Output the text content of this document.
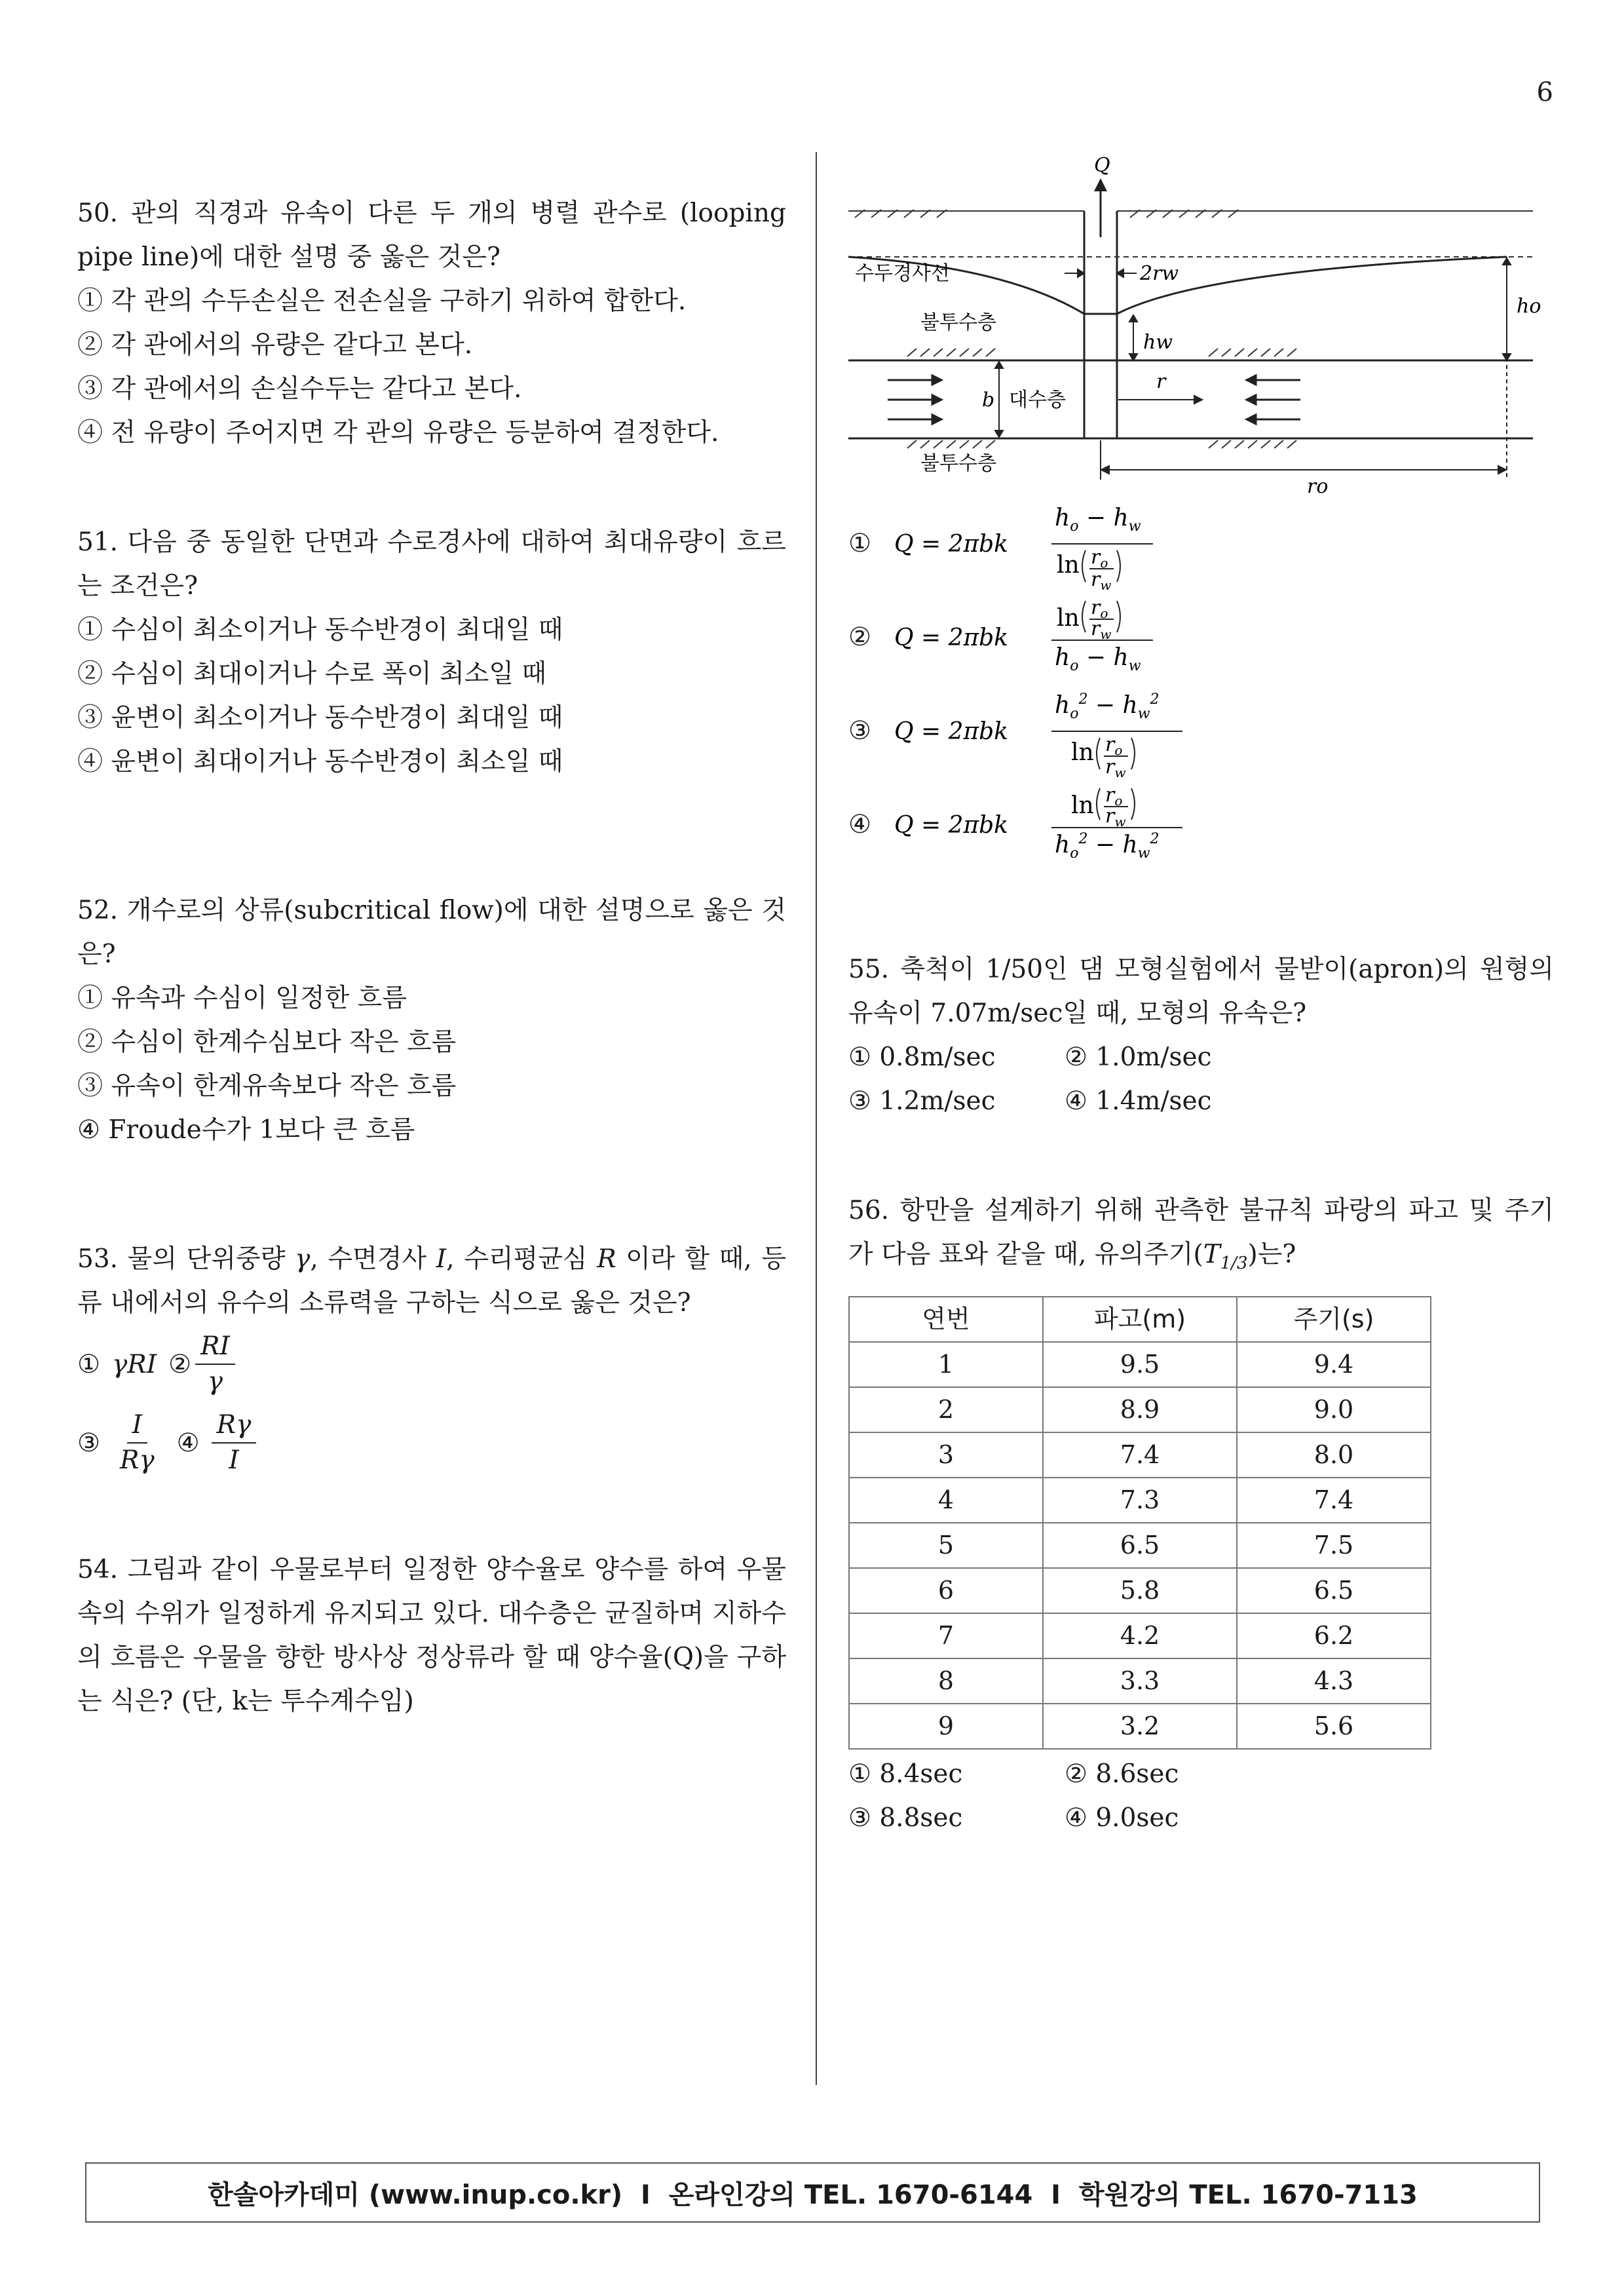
6
50. 관의 직경과 유속이 다른 두 개의 병렬 관수로 (looping pipe line)에 대한 설명 중 옳은 것은?
① 각 관의 수두손실은 전손실을 구하기 위하여 합한다.
② 각 관에서의 유량은 같다고 본다.
③ 각 관에서의 손실수두는 같다고 본다.
④ 전 유량이 주어지면 각 관의 유량은 등분하여 결정한다.
51. 다음 중 동일한 단면과 수로경사에 대하여 최대유량이 흐르는 조건은?
① 수심이 최소이거나 동수반경이 최대일 때
② 수심이 최대이거나 수로 폭이 최소일 때
③ 윤변이 최소이거나 동수반경이 최대일 때
④ 윤변이 최대이거나 동수반경이 최소일 때
52. 개수로의 상류(subcritical flow)에 대한 설명으로 옳은 것은?
① 유속과 수심이 일정한 흐름
② 수심이 한계수심보다 작은 흐름
③ 유속이 한계유속보다 작은 흐름
④ Froude수가 1보다 큰 흐름
53. 물의 단위중량 γ, 수면경사 I, 수리평균심 R 이라 할 때, 등류 내에서의 유수의 소류력을 구하는 식으로 옳은 것은?
① γRI ② $\frac{RI}{\gamma}$
③ $\frac{I}{R\gamma}$ ④ $\frac{R\gamma}{I}$
54. 그림과 같이 우물로부터 일정한 양수율로 양수를 하여 우물 속의 수위가 일정하게 유지되고 있다. 대수층은 균질하며 지하수의 흐름은 우물을 향한 방사상 정상류라 할 때 양수율(Q)을 구하는 식은? (단, k는 투수계수임)
Q
수두경사선	2rw
ho
hw
불투수층
b 대수층
r
불투수층
ro
① Q = 2πbk
$h_o - h_w$
$\ln r_o$
$r_w$
② Q = 2πbk
$\ln r_o$
$r_w$
$h_o - h_w$
③ Q = 2πbk
$h_o^2 - h_w^2$
$\ln r_o$
$r_w$
④ Q = 2πbk
$\ln r_o$
$r_w$
$h_o^2 - h_w^2$
55. 축척이 1/50인 댐 모형실험에서 물받이(apron)의 원형의 유속이 7.07m/sec일 때, 모형의 유속은?
① 0.8m/sec	② 1.0m/sec
③ 1.2m/sec	④ 1.4m/sec
56. 항만을 설계하기 위해 관측한 불규칙 파랑의 파고 및 주기가 다음 표와 같을 때, 유의주기$(T_{1/3})$는?
연번	파고(m)	주기(s)
1	9.5	9.4
2	8.9	9.0
3	7.4	8.0
4	7.3	7.4
5	6.5	7.5
6	5.8	6.5
7	4.2	6.2
8	3.3	4.3
9	3.2	5.6
① 8.4sec	② 8.6sec
③ 8.8sec	④ 9.0sec
한솔아카데미 (www.inup.co.kr)  I  온라인강의 TEL. 1670-6144  I  학원강의 TEL. 1670-7113
